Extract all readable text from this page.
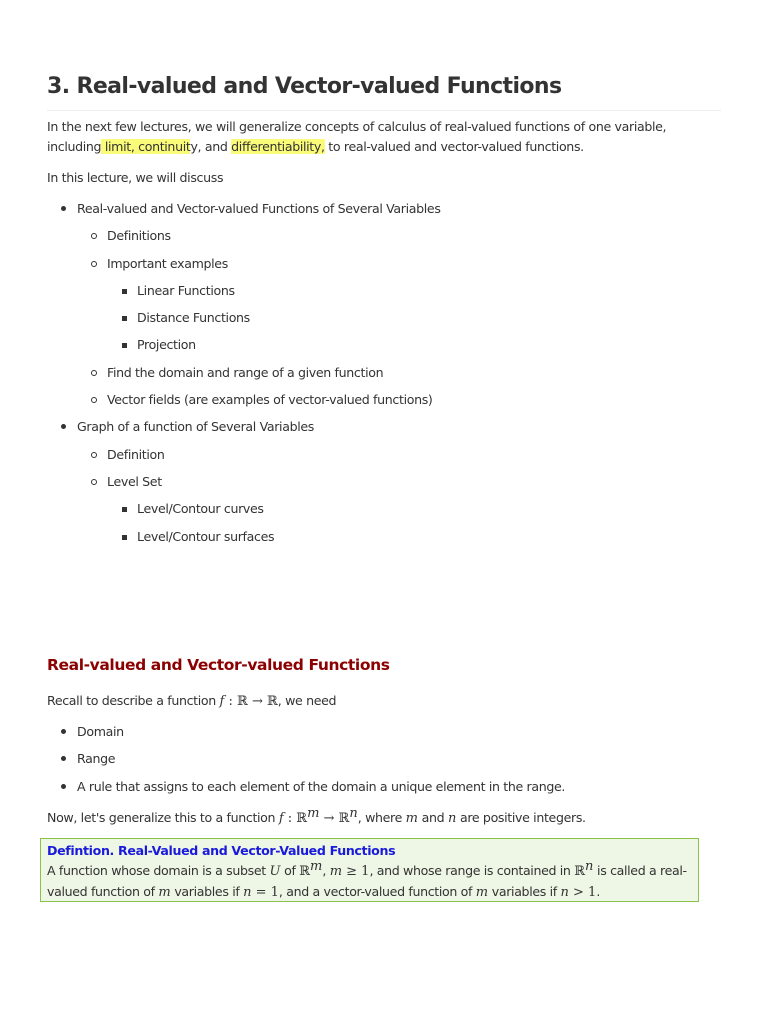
3. Real-valued and Vector-valued Functions

In the next few lectures, we will generalize concepts of calculus of real-valued functions of one variable, including limit, continuity, and differentiability, to real-valued and vector-valued functions.

In this lecture, we will discuss

Real-valued and Vector-valued Functions of Several Variables
Definitions
Important examples
Linear Functions
Distance Functions
Projection
Find the domain and range of a given function
Vector fields (are examples of vector-valued functions)
Graph of a function of Several Variables
Definition
Level Set
Level/Contour curves
Level/Contour surfaces
Real-valued and Vector-valued Functions

Recall to describe a function f : ℝ → ℝ, we need

Domain
Range
A rule that assigns to each element of the domain a unique element in the range.

Now, let's generalize this to a function f : ℝ$^m$ → ℝ$^n$, where m and n are positive integers.

Defintion. Real-Valued and Vector-Valued Functions

A function whose domain is a subset U of ℝ$^m$, m ≥ 1, and whose range is contained in ℝ$^n$ is called a real-valued function of m variables if n = 1, and a vector-valued function of m variables if n > 1.
